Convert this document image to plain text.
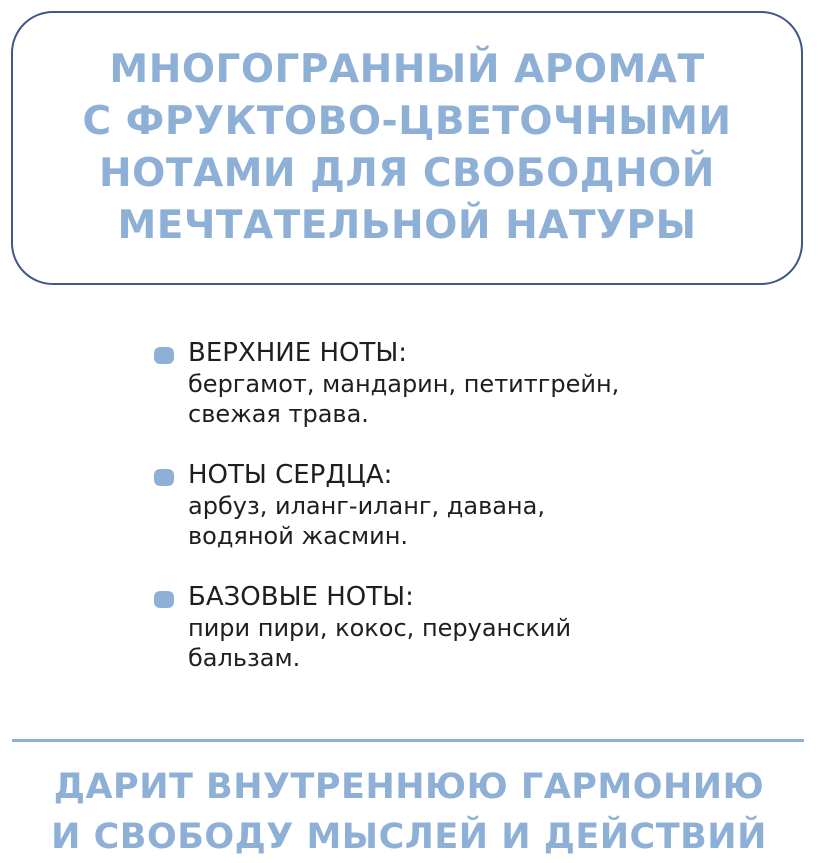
МНОГОГРАННЫЙ АРОМАТ
С ФРУКТОВО-ЦВЕТОЧНЫМИ
НОТАМИ ДЛЯ СВОБОДНОЙ
МЕЧТАТЕЛЬНОЙ НАТУРЫ
ВЕРХНИЕ НОТЫ:
бергамот, мандарин, петитгрейн,
свежая трава.
НОТЫ СЕРДЦА:
арбуз, иланг-иланг, давана,
водяной жасмин.
БАЗОВЫЕ НОТЫ:
пири пири, кокос, перуанский
бальзам.
ДАРИТ ВНУТРЕННЮЮ ГАРМОНИЮ
И СВОБОДУ МЫСЛЕЙ И ДЕЙСТВИЙ
